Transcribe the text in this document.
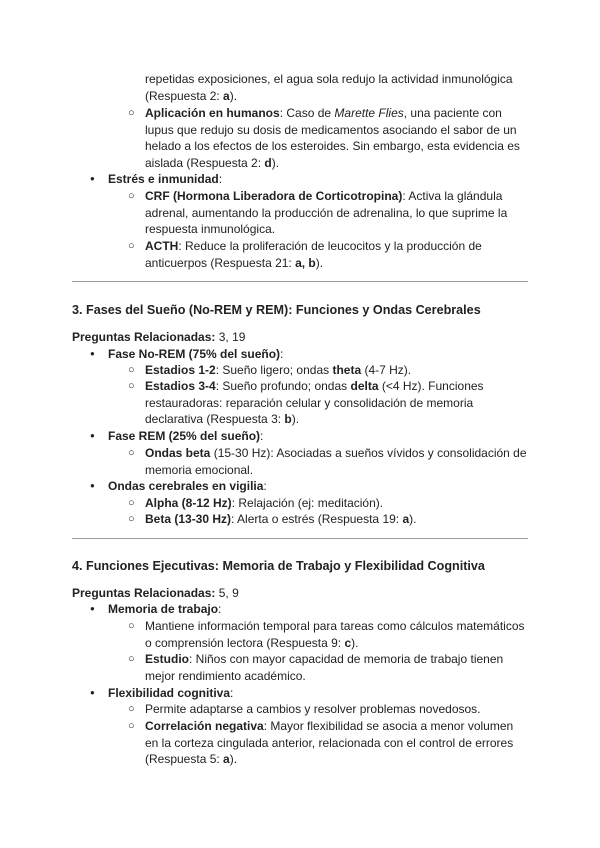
repetidas exposiciones, el agua sola redujo la actividad inmunológica (Respuesta 2: a).
○ Aplicación en humanos: Caso de Marette Flies, una paciente con lupus que redujo su dosis de medicamentos asociando el sabor de un helado a los efectos de los esteroides. Sin embargo, esta evidencia es aislada (Respuesta 2: d).
● Estrés e inmunidad:
○ CRF (Hormona Liberadora de Corticotropina): Activa la glándula adrenal, aumentando la producción de adrenalina, lo que suprime la respuesta inmunológica.
○ ACTH: Reduce la proliferación de leucocitos y la producción de anticuerpos (Respuesta 21: a, b).
3. Fases del Sueño (No-REM y REM): Funciones y Ondas Cerebrales
Preguntas Relacionadas: 3, 19
● Fase No-REM (75% del sueño):
○ Estadios 1-2: Sueño ligero; ondas theta (4-7 Hz).
○ Estadios 3-4: Sueño profundo; ondas delta (<4 Hz). Funciones restauradoras: reparación celular y consolidación de memoria declarativa (Respuesta 3: b).
● Fase REM (25% del sueño):
○ Ondas beta (15-30 Hz): Asociadas a sueños vívidos y consolidación de memoria emocional.
● Ondas cerebrales en vigilia:
○ Alpha (8-12 Hz): Relajación (ej: meditación).
○ Beta (13-30 Hz): Alerta o estrés (Respuesta 19: a).
4. Funciones Ejecutivas: Memoria de Trabajo y Flexibilidad Cognitiva
Preguntas Relacionadas: 5, 9
● Memoria de trabajo:
○ Mantiene información temporal para tareas como cálculos matemáticos o comprensión lectora (Respuesta 9: c).
○ Estudio: Niños con mayor capacidad de memoria de trabajo tienen mejor rendimiento académico.
● Flexibilidad cognitiva:
○ Permite adaptarse a cambios y resolver problemas novedosos.
○ Correlación negativa: Mayor flexibilidad se asocia a menor volumen en la corteza cingulada anterior, relacionada con el control de errores (Respuesta 5: a).
